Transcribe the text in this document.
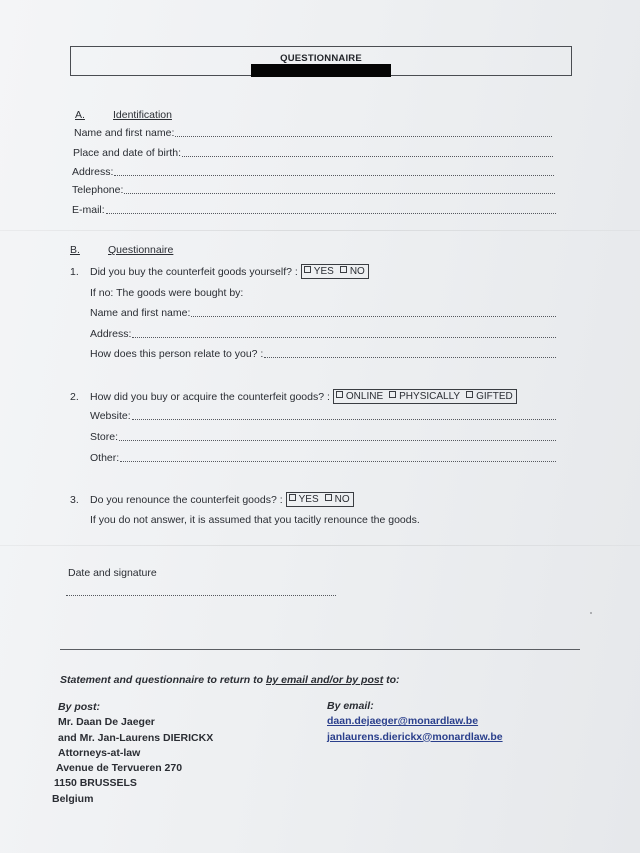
QUESTIONNAIRE
A.	Identification
Name and first name:
Place and date of birth:
Address:
Telephone:
E-mail:
B.	Questionnaire
1. Did you buy the counterfeit goods yourself? : YES NO
If no: The goods were bought by:
Name and first name:
Address:
How does this person relate to you? :
2. How did you buy or acquire the counterfeit goods? : ONLINE PHYSICALLY GIFTED
Website:
Store:
Other:
3. Do you renounce the counterfeit goods? : YES NO
If you do not answer, it is assumed that you tacitly renounce the goods.
Date and signature
Statement and questionnaire to return to by email and/or by post to:
By post:
Mr. Daan De Jaeger
and Mr. Jan-Laurens DIERICKX
Attorneys-at-law
Avenue de Tervueren 270
1150 BRUSSELS
Belgium
By email:
daan.dejaeger@monardlaw.be
janlaurens.dierickx@monardlaw.be
